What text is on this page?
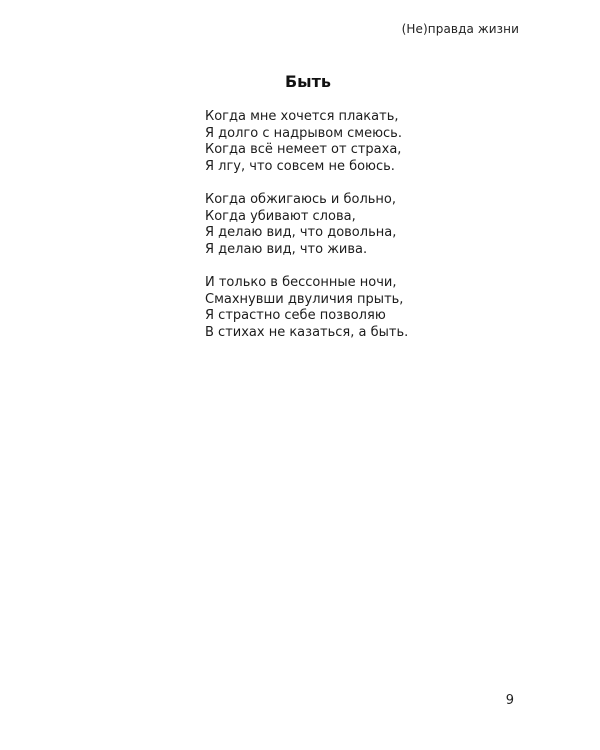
(Не)правда жизни
Быть
Когда мне хочется плакать,
Я долго с надрывом смеюсь.
Когда всё немеет от страха,
Я лгу, что совсем не боюсь.
Когда обжигаюсь и больно,
Когда убивают слова,
Я делаю вид, что довольна,
Я делаю вид, что жива.
И только в бессонные ночи,
Смахнувши двуличия прыть,
Я страстно себе позволяю
В стихах не казаться, а быть.
9
